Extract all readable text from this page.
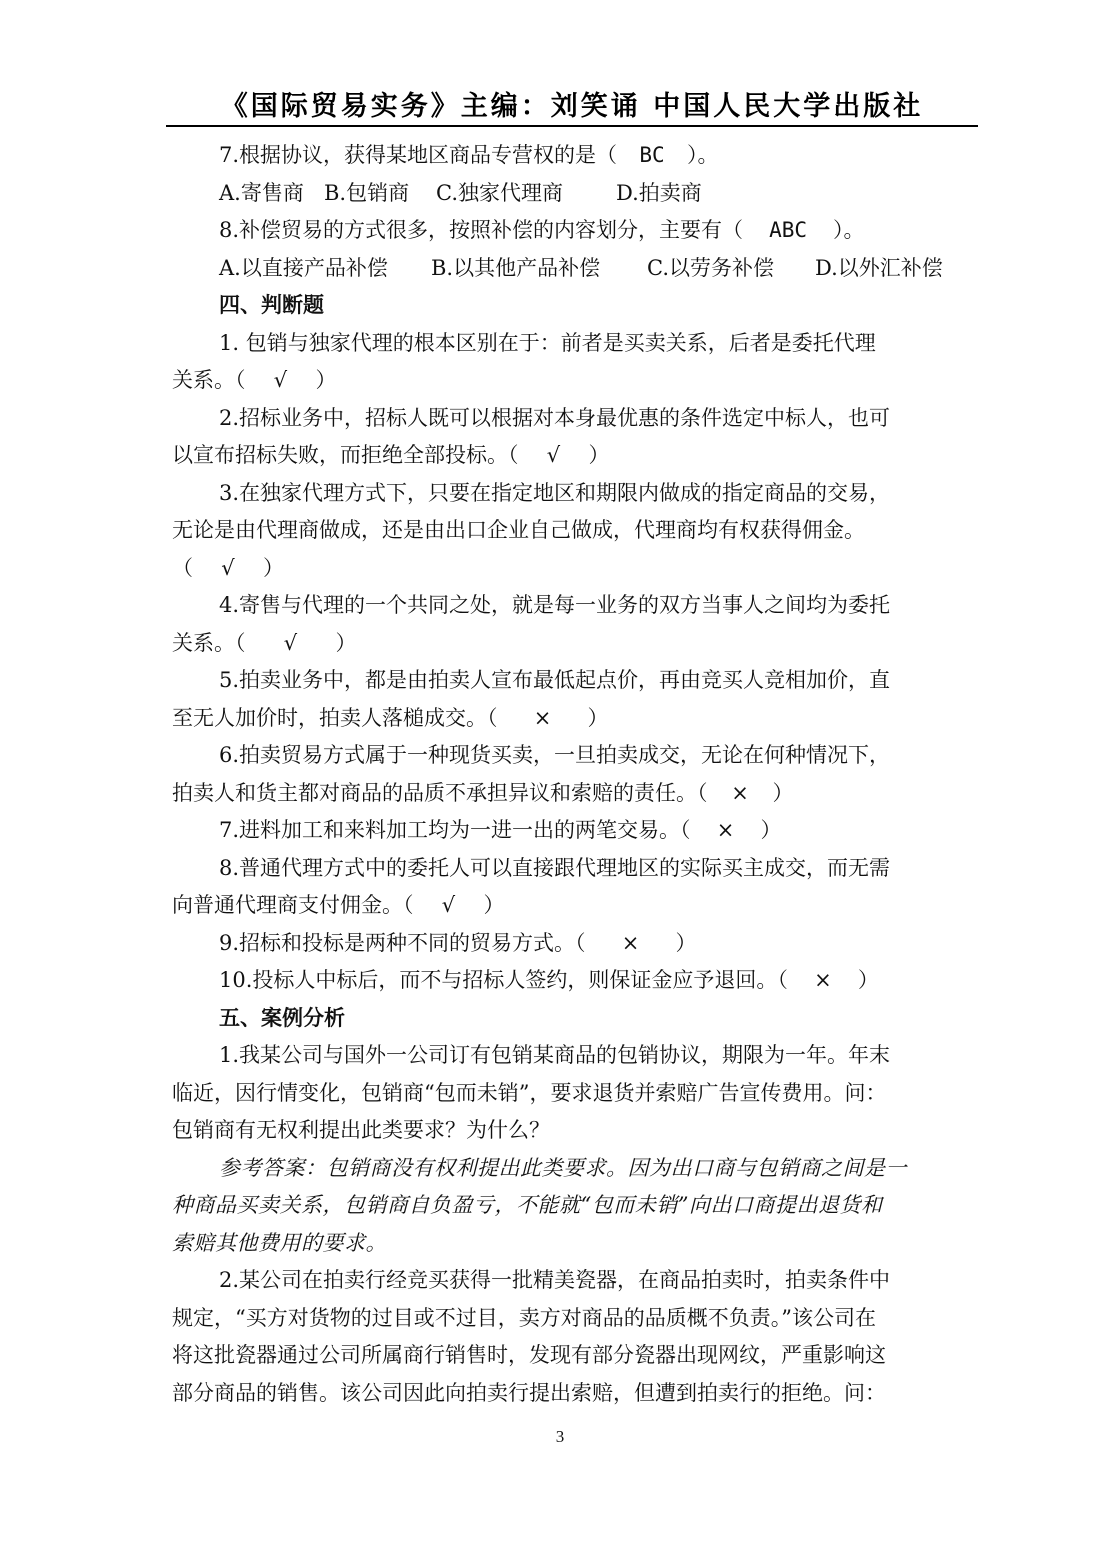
《国际贸易实务》主编：刘笑诵 中国人民大学出版社
7.根据协议，获得某地区商品专营权的是（ BC ）。
A.寄售商 B.包销商 C.独家代理商	D.拍卖商
8.补偿贸易的方式很多，按照补偿的内容划分，主要有（ ABC ）。
A.以直接产品补偿 B.以其他产品补偿 C.以劳务补偿 D.以外汇补偿
四、判断题
1. 包销与独家代理的根本区别在于：前者是买卖关系，后者是委托代理
关系。（ √ ）
2.招标业务中，招标人既可以根据对本身最优惠的条件选定中标人，也可
以宣布招标失败，而拒绝全部投标。（ √ ）
3.在独家代理方式下，只要在指定地区和期限内做成的指定商品的交易，
无论是由代理商做成，还是由出口企业自己做成，代理商均有权获得佣金。
（ √ ）
4.寄售与代理的一个共同之处，就是每一业务的双方当事人之间均为委托
关系。（ √ ）
5.拍卖业务中，都是由拍卖人宣布最低起点价，再由竞买人竞相加价，直
至无人加价时，拍卖人落槌成交。（ × ）
6.拍卖贸易方式属于一种现货买卖，一旦拍卖成交，无论在何种情况下，
拍卖人和货主都对商品的品质不承担异议和索赔的责任。（ × ）
7.进料加工和来料加工均为一进一出的两笔交易。（ × ）
8.普通代理方式中的委托人可以直接跟代理地区的实际买主成交，而无需
向普通代理商支付佣金。（ √ ）
9.招标和投标是两种不同的贸易方式。（ × ）
10.投标人中标后，而不与招标人签约，则保证金应予退回。（ × ）
五、案例分析
1.我某公司与国外一公司订有包销某商品的包销协议，期限为一年。年末
临近，因行情变化，包销商“包而未销”，要求退货并索赔广告宣传费用。问：
包销商有无权利提出此类要求？为什么？
参考答案：包销商没有权利提出此类要求。因为出口商与包销商之间是一
种商品买卖关系，包销商自负盈亏，不能就“包而未销”向出口商提出退货和
索赔其他费用的要求。
2.某公司在拍卖行经竞买获得一批精美瓷器，在商品拍卖时，拍卖条件中
规定，“买方对货物的过目或不过目，卖方对商品的品质概不负责。”该公司在
将这批瓷器通过公司所属商行销售时，发现有部分瓷器出现网纹，严重影响这
部分商品的销售。该公司因此向拍卖行提出索赔，但遭到拍卖行的拒绝。问：
3
